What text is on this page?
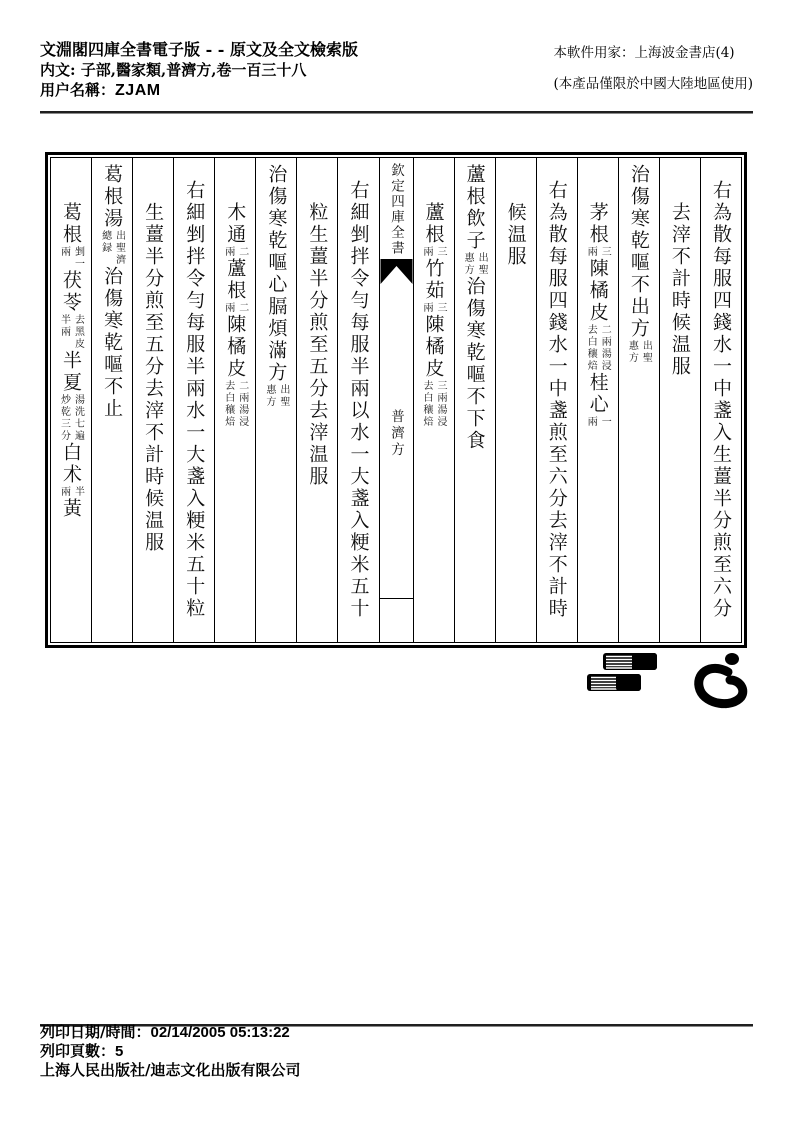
文淵閣四庫全書電子版 - - 原文及全文檢索版
内文: 子部,醫家類,普濟方,卷一百三十八
用户名稱：ZJAM
本軟件用家：上海波金書店(4)
(本產品僅限於中國大陸地區使用)
右為散每服四錢水一中盞入生薑半分煎至六分
去滓不計時候温服
治傷寒乾嘔不出方
出聖
惠方
茅根
三
兩
陳橘皮
二兩湯浸
去白穰焙
桂心
一
兩
右為散每服四錢水一中盞煎至六分去滓不計時
候温服
蘆根飲子
出聖
惠方
治傷寒乾嘔不下食
蘆根
三
兩
竹茹
三
兩
陳橘皮
三兩湯浸
去白穰焙
欽定四庫全書
普濟方
右細剉拌令勻每服半兩以水一大盞入粳米五十
粒生薑半分煎至五分去滓温服
治傷寒乾嘔心膈煩滿方
出聖
惠方
木通
二
兩
蘆根
二
兩
陳橘皮
二兩湯浸
去白穰焙
右細剉拌令勻每服半兩水一大盞入粳米五十粒
生薑半分煎至五分去滓不計時候温服
葛根湯
出聖濟
總録
治傷寒乾嘔不止
葛根
剉一
兩
茯苓
去黑皮
半兩
半夏
湯洗七遍
炒乾三分
白术
半
兩
黃
列印日期/時間：02/14/2005 05:13:22
列印頁數：5
上海人民出版社/迪志文化出版有限公司
